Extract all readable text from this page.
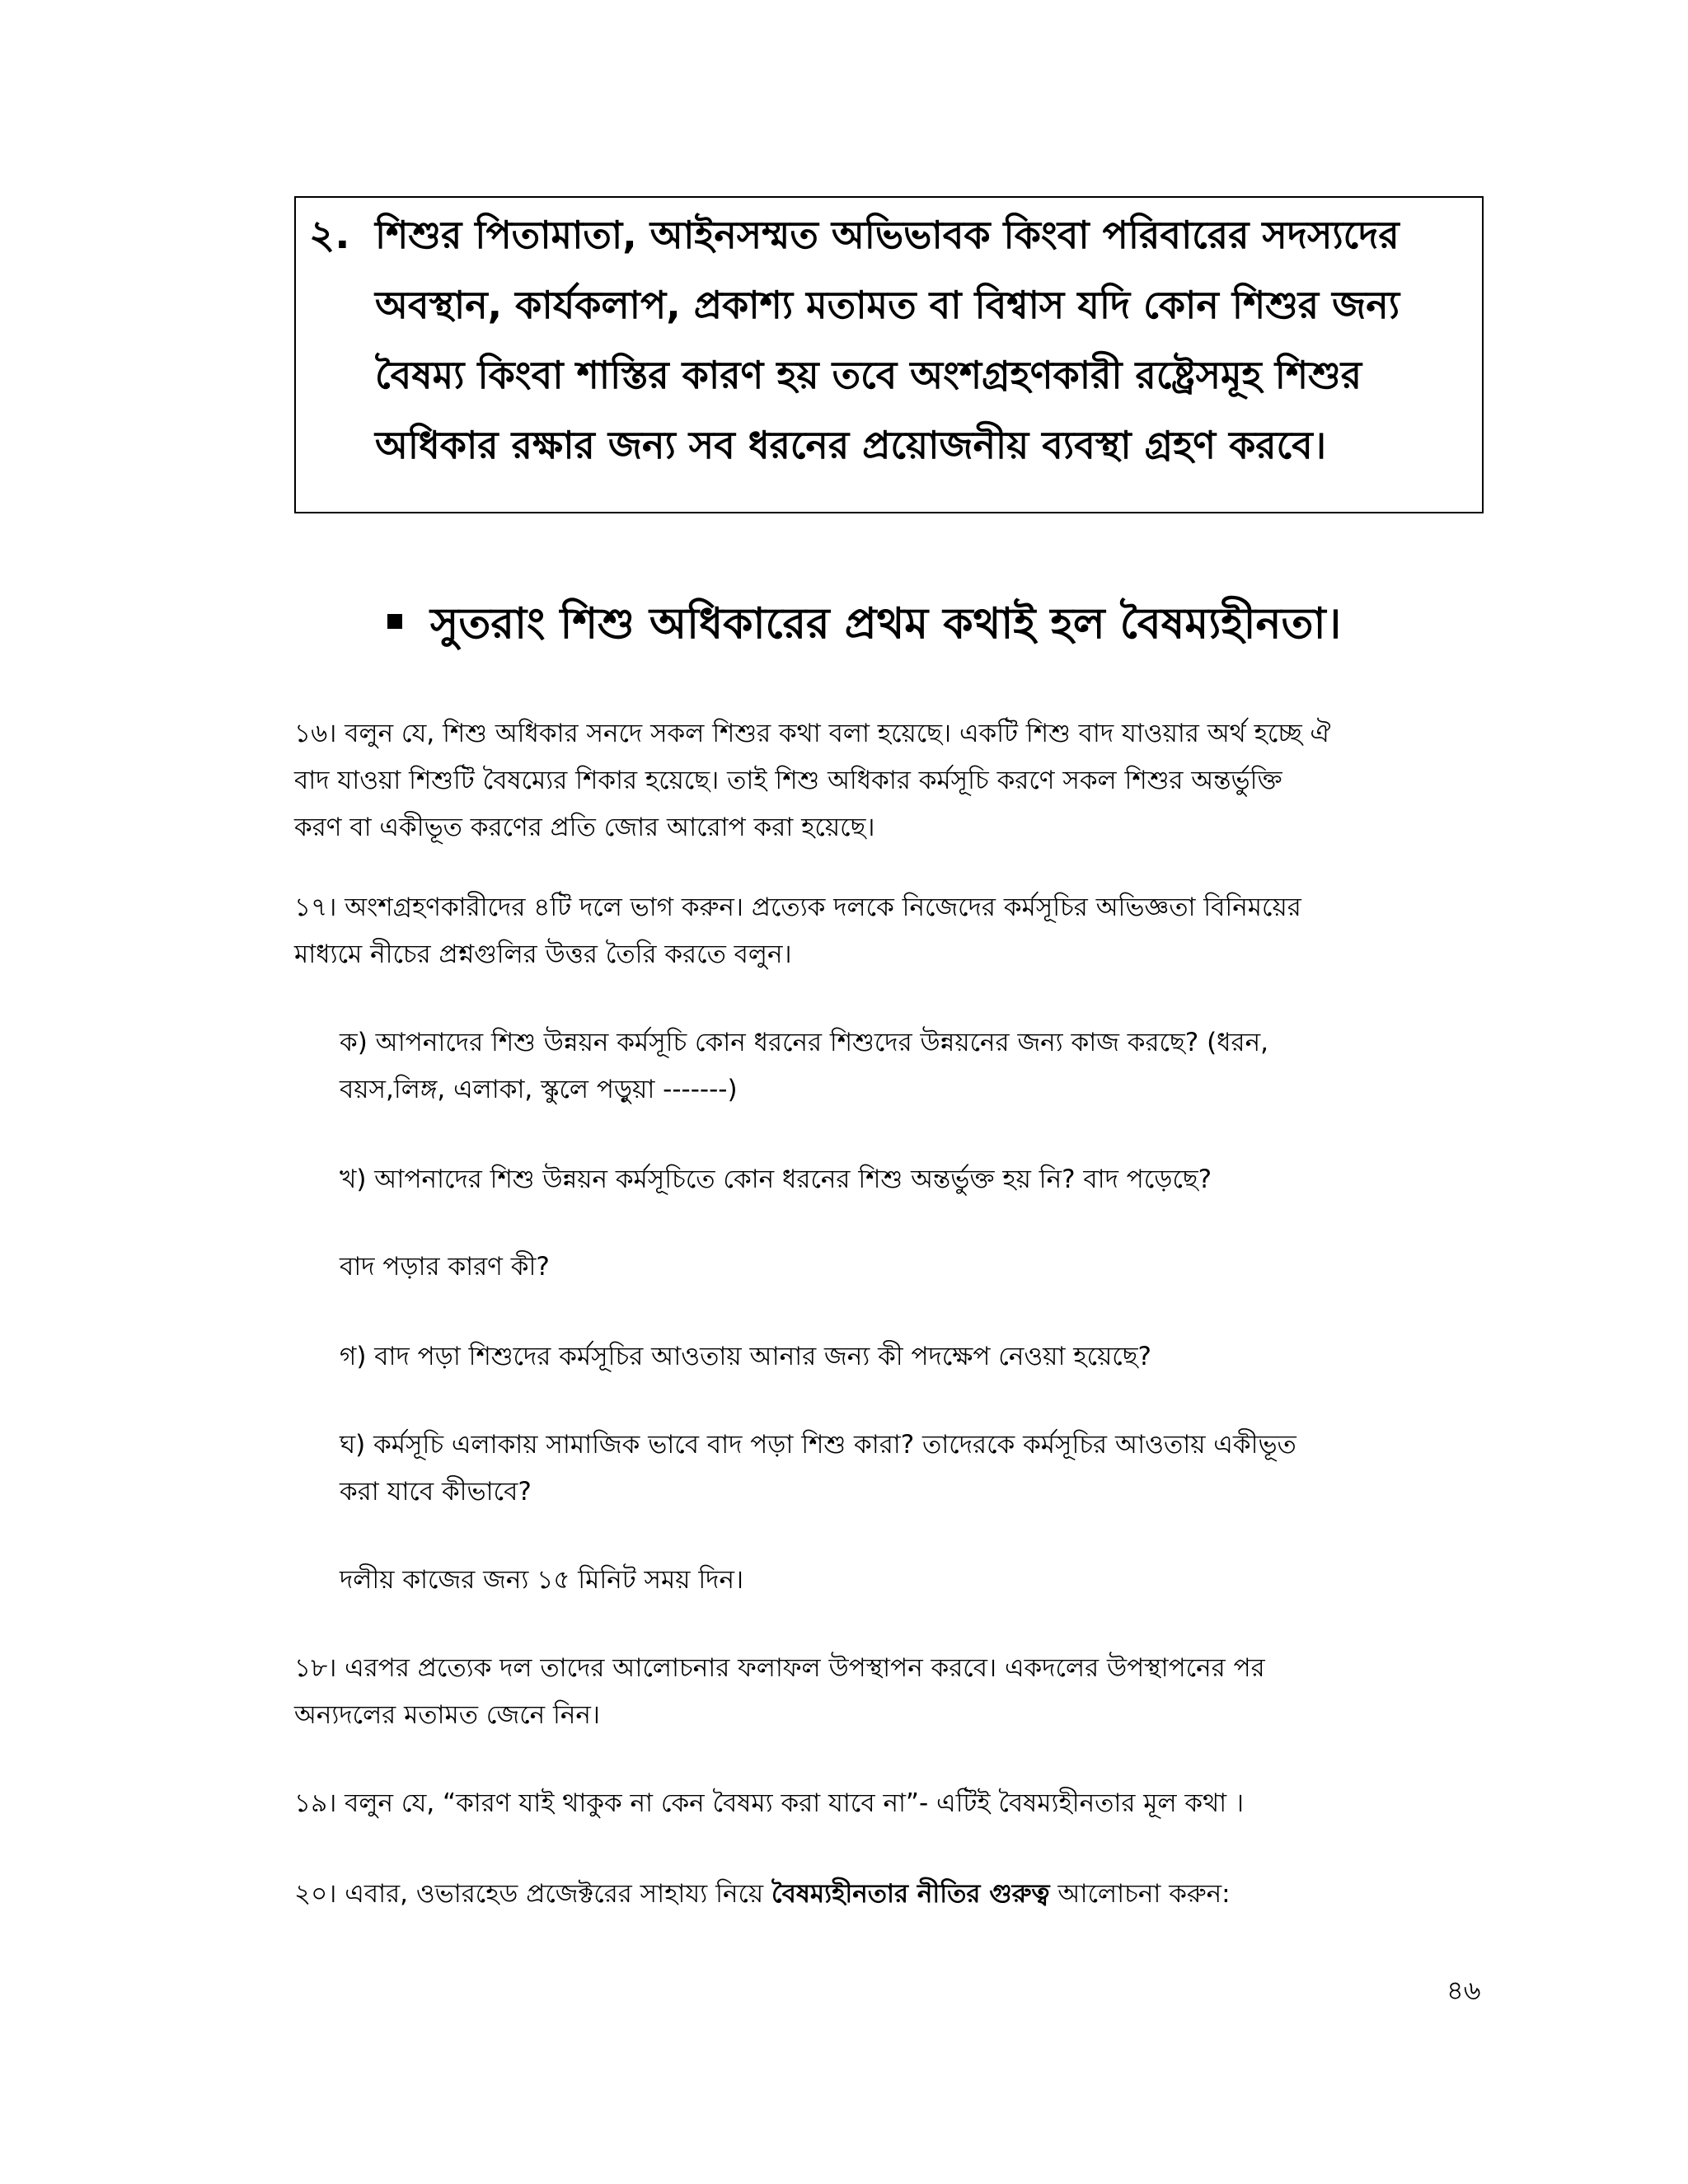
২. শিশুর পিতামাতা, আইনসম্মত অভিভাবক কিংবা পরিবারের সদস্যদের
অবস্থান, কার্যকলাপ, প্রকাশ্য মতামত বা বিশ্বাস যদি কোন শিশুর জন্য
বৈষম্য কিংবা শাস্তির কারণ হয় তবে অংশগ্রহণকারী রষ্ট্রেসমূহ শিশুর
অধিকার রক্ষার জন্য সব ধরনের প্রয়োজনীয় ব্যবস্থা গ্রহণ করবে।
সুতরাং শিশু অধিকারের প্রথম কথাই হল বৈষম্যহীনতা।
১৬। বলুন যে, শিশু অধিকার সনদে সকল শিশুর কথা বলা হয়েছে। একটি শিশু বাদ যাওয়ার অর্থ হচ্ছে ঐ
বাদ যাওয়া শিশুটি বৈষম্যের শিকার হয়েছে। তাই শিশু অধিকার কর্মসূচি করণে সকল শিশুর অন্তর্ভুক্তি
করণ বা একীভূত করণের প্রতি জোর আরোপ করা হয়েছে।
১৭। অংশগ্রহণকারীদের ৪টি দলে ভাগ করুন। প্রত্যেক দলকে নিজেদের কর্মসূচির অভিজ্ঞতা বিনিময়ের
মাধ্যমে নীচের প্রশ্নগুলির উত্তর তৈরি করতে বলুন।
ক) আপনাদের শিশু উন্নয়ন কর্মসূচি কোন ধরনের শিশুদের উন্নয়নের জন্য কাজ করছে? (ধরন,
বয়স,লিঙ্গ, এলাকা, স্কুলে পড়ুয়া -------)
খ) আপনাদের শিশু উন্নয়ন কর্মসূচিতে কোন ধরনের শিশু অন্তর্ভুক্ত হয় নি? বাদ পড়েছে?
বাদ পড়ার কারণ কী?
গ) বাদ পড়া শিশুদের কর্মসূচির আওতায় আনার জন্য কী পদক্ষেপ নেওয়া হয়েছে?
ঘ) কর্মসূচি এলাকায় সামাজিক ভাবে বাদ পড়া শিশু কারা? তাদেরকে কর্মসূচির আওতায় একীভূত
করা যাবে কীভাবে?
দলীয় কাজের জন্য ১৫ মিনিট সময় দিন।
১৮। এরপর প্রত্যেক দল তাদের আলোচনার ফলাফল উপস্থাপন করবে। একদলের উপস্থাপনের পর
অন্যদলের মতামত জেনে নিন।
১৯। বলুন যে, “কারণ যাই থাকুক না কেন বৈষম্য করা যাবে না”- এটিই বৈষম্যহীনতার মূল কথা ।
২০। এবার, ওভারহেড প্রজেক্টরের সাহায্য নিয়ে বৈষম্যহীনতার নীতির গুরুত্ব আলোচনা করুন:
৪৬
